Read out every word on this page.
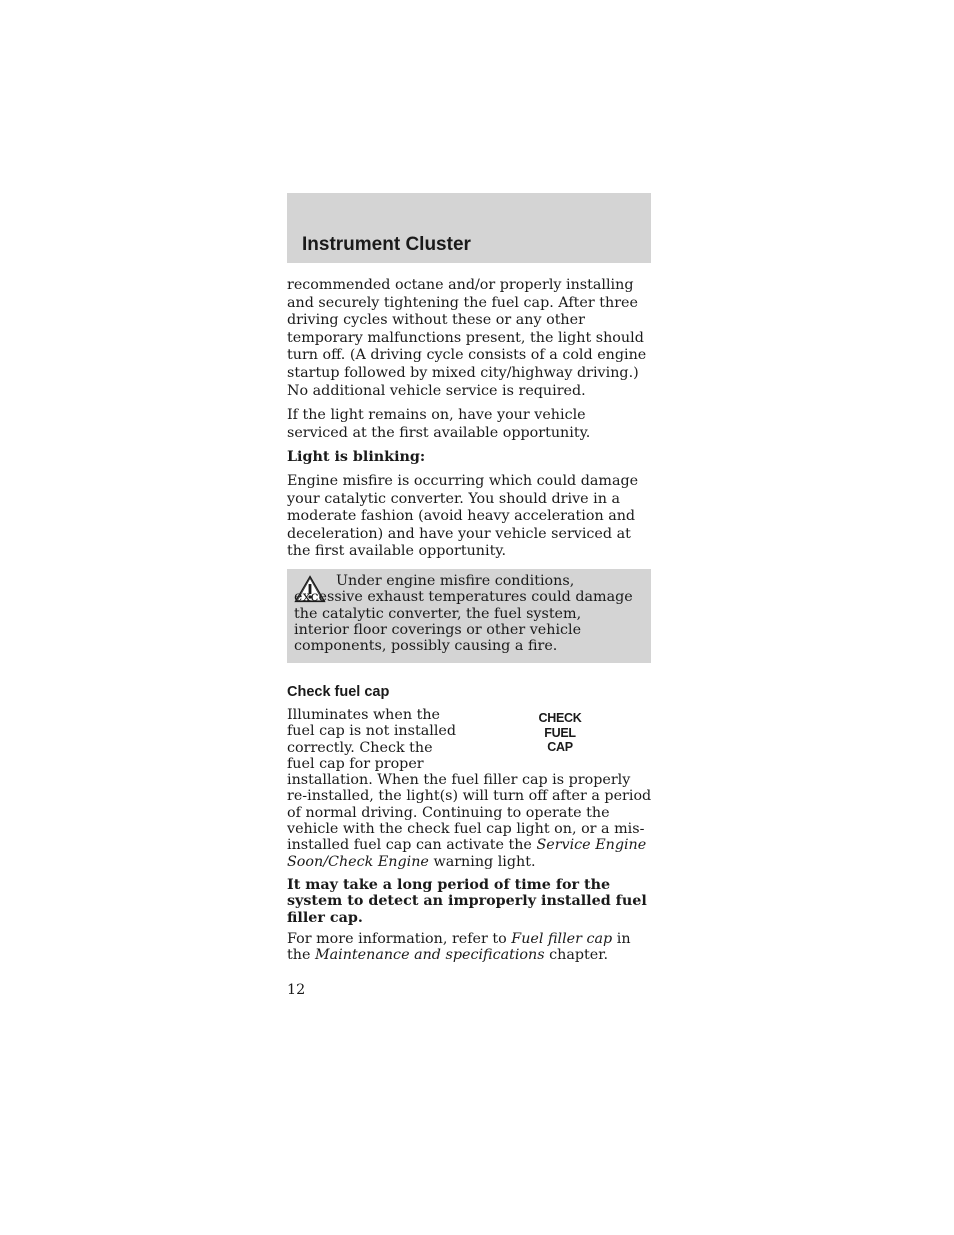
Instrument Cluster

recommended octane and/or properly installing and securely tightening the fuel cap. After three driving cycles without these or any other temporary malfunctions present, the light should turn off. (A driving cycle consists of a cold engine startup followed by mixed city/highway driving.) No additional vehicle service is required.

If the light remains on, have your vehicle serviced at the first available opportunity.

Light is blinking:

Engine misfire is occurring which could damage your catalytic converter. You should drive in a moderate fashion (avoid heavy acceleration and deceleration) and have your vehicle serviced at the first available opportunity.

Under engine misfire conditions, excessive exhaust temperatures could damage the catalytic converter, the fuel system, interior floor coverings or other vehicle components, possibly causing a fire.

Check fuel cap

Illuminates when the fuel cap is not installed correctly. Check the fuel cap for proper installation. When the fuel filler cap is properly re-installed, the light(s) will turn off after a period of normal driving. Continuing to operate the vehicle with the check fuel cap light on, or a mis-installed fuel cap can activate the Service Engine Soon/Check Engine warning light.

CHECK
FUEL
CAP

It may take a long period of time for the system to detect an improperly installed fuel filler cap.

For more information, refer to Fuel filler cap in the Maintenance and specifications chapter.

12
